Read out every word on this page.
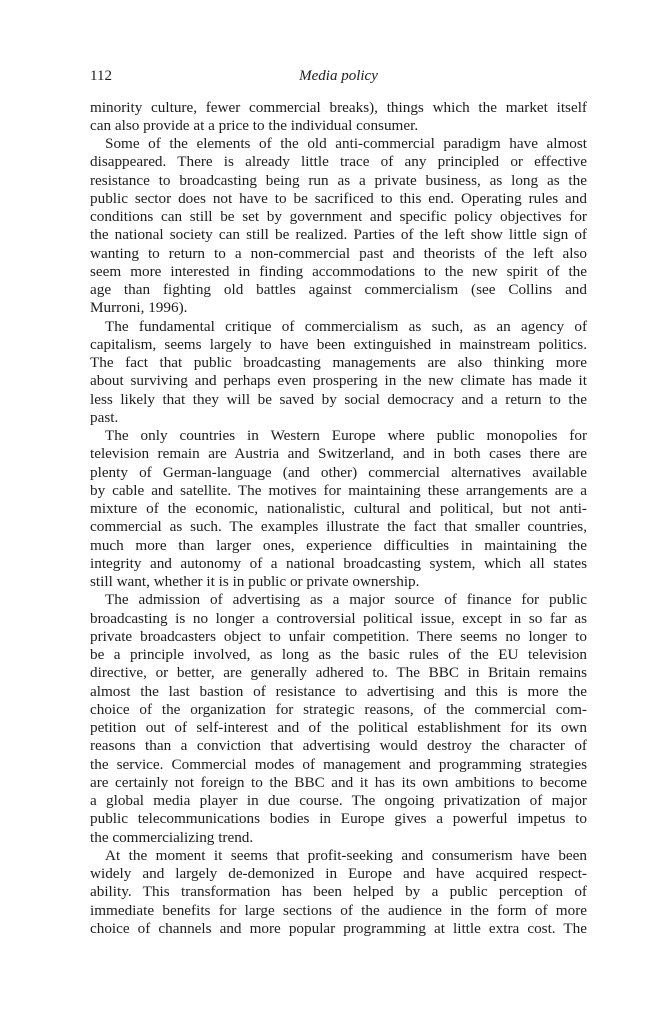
112	Media policy
minority culture, fewer commercial breaks), things which the market itself
can also provide at a price to the individual consumer.
Some of the elements of the old anti-commercial paradigm have almost
disappeared. There is already little trace of any principled or effective
resistance to broadcasting being run as a private business, as long as the
public sector does not have to be sacrificed to this end. Operating rules and
conditions can still be set by government and specific policy objectives for
the national society can still be realized. Parties of the left show little sign of
wanting to return to a non-commercial past and theorists of the left also
seem more interested in finding accommodations to the new spirit of the
age than fighting old battles against commercialism (see Collins and
Murroni, 1996).
The fundamental critique of commercialism as such, as an agency of
capitalism, seems largely to have been extinguished in mainstream politics.
The fact that public broadcasting managements are also thinking more
about surviving and perhaps even prospering in the new climate has made it
less likely that they will be saved by social democracy and a return to the
past.
The only countries in Western Europe where public monopolies for
television remain are Austria and Switzerland, and in both cases there are
plenty of German-language (and other) commercial alternatives available
by cable and satellite. The motives for maintaining these arrangements are a
mixture of the economic, nationalistic, cultural and political, but not anti-
commercial as such. The examples illustrate the fact that smaller countries,
much more than larger ones, experience difficulties in maintaining the
integrity and autonomy of a national broadcasting system, which all states
still want, whether it is in public or private ownership.
The admission of advertising as a major source of finance for public
broadcasting is no longer a controversial political issue, except in so far as
private broadcasters object to unfair competition. There seems no longer to
be a principle involved, as long as the basic rules of the EU television
directive, or better, are generally adhered to. The BBC in Britain remains
almost the last bastion of resistance to advertising and this is more the
choice of the organization for strategic reasons, of the commercial com-
petition out of self-interest and of the political establishment for its own
reasons than a conviction that advertising would destroy the character of
the service. Commercial modes of management and programming strategies
are certainly not foreign to the BBC and it has its own ambitions to become
a global media player in due course. The ongoing privatization of major
public telecommunications bodies in Europe gives a powerful impetus to
the commercializing trend.
At the moment it seems that profit-seeking and consumerism have been
widely and largely de-demonized in Europe and have acquired respect-
ability. This transformation has been helped by a public perception of
immediate benefits for large sections of the audience in the form of more
choice of channels and more popular programming at little extra cost. The
